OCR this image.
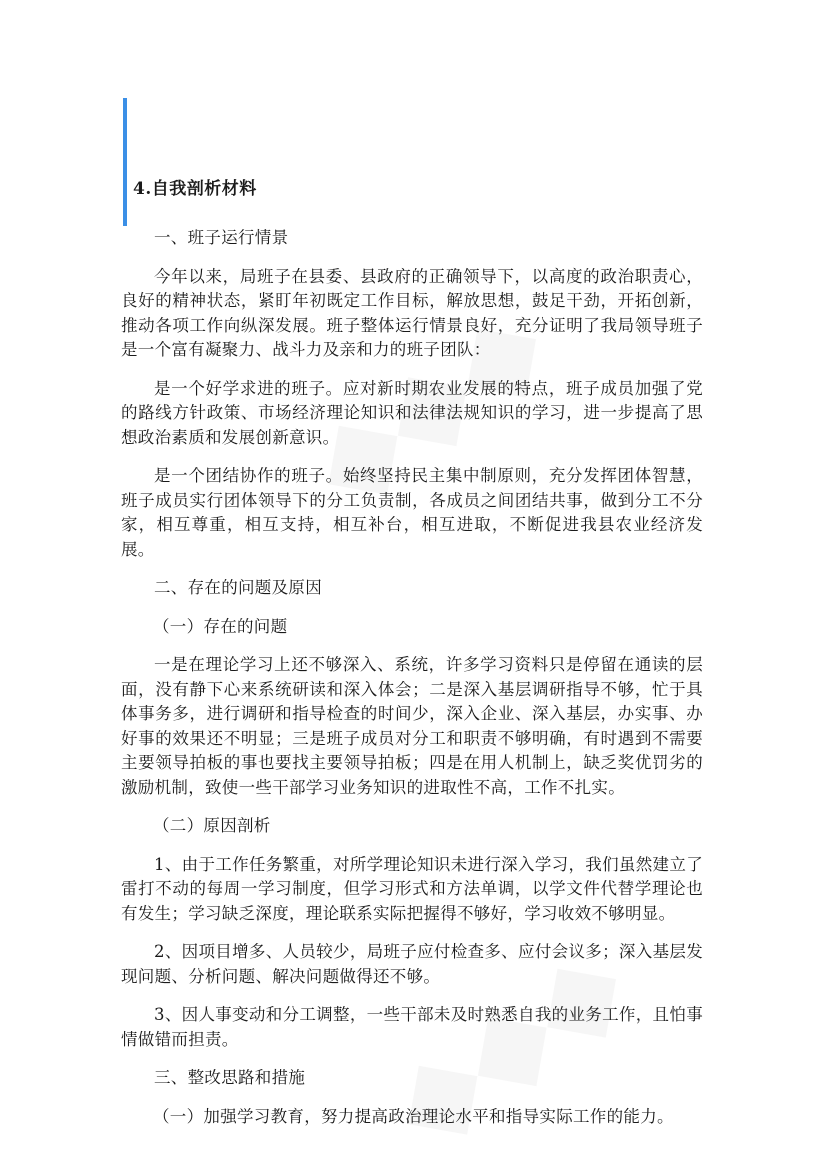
4.自我剖析材料

一、班子运行情景

今年以来，局班子在县委、县政府的正确领导下，以高度的政治职责心，良好的精神状态，紧盯年初既定工作目标，解放思想，鼓足干劲，开拓创新，推动各项工作向纵深发展。班子整体运行情景良好，充分证明了我局领导班子是一个富有凝聚力、战斗力及亲和力的班子团队：

是一个好学求进的班子。应对新时期农业发展的特点，班子成员加强了党的路线方针政策、市场经济理论知识和法律法规知识的学习，进一步提高了思想政治素质和发展创新意识。

是一个团结协作的班子。始终坚持民主集中制原则，充分发挥团体智慧，班子成员实行团体领导下的分工负责制，各成员之间团结共事，做到分工不分家，相互尊重，相互支持，相互补台，相互进取，不断促进我县农业经济发展。

二、存在的问题及原因

（一）存在的问题

一是在理论学习上还不够深入、系统，许多学习资料只是停留在通读的层面，没有静下心来系统研读和深入体会；二是深入基层调研指导不够，忙于具体事务多，进行调研和指导检查的时间少，深入企业、深入基层，办实事、办好事的效果还不明显；三是班子成员对分工和职责不够明确，有时遇到不需要主要领导拍板的事也要找主要领导拍板；四是在用人机制上，缺乏奖优罚劣的激励机制，致使一些干部学习业务知识的进取性不高，工作不扎实。

（二）原因剖析

1、由于工作任务繁重，对所学理论知识未进行深入学习，我们虽然建立了雷打不动的每周一学习制度，但学习形式和方法单调，以学文件代替学理论也有发生；学习缺乏深度，理论联系实际把握得不够好，学习收效不够明显。

2、因项目增多、人员较少，局班子应付检查多、应付会议多；深入基层发现问题、分析问题、解决问题做得还不够。

3、因人事变动和分工调整，一些干部未及时熟悉自我的业务工作，且怕事情做错而担责。

三、整改思路和措施

（一）加强学习教育，努力提高政治理论水平和指导实际工作的能力。
